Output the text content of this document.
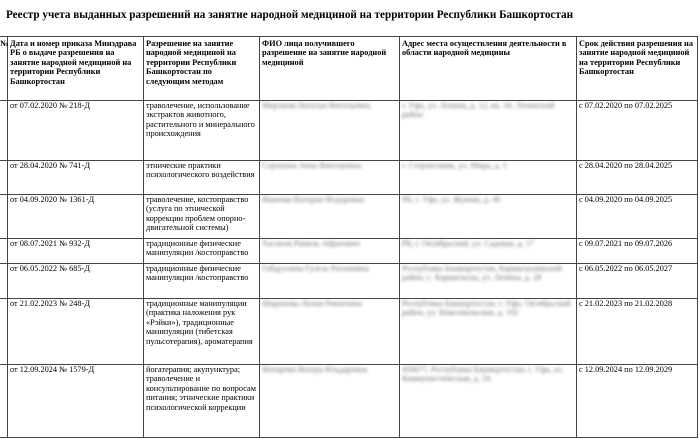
Реестр учета выданных разрешений на занятие народной медициной на территории Республики Башкортостан
№	Дата и номер приказа Минздрава РБ о выдаче разрешения на занятие народной медициной на территории Республики Башкортостан	Разрешение на занятие народной медициной на территории Республики Башкортостан по следующим методам	ФИО лица получившего разрешение на занятие народной медициной	Адрес места осуществления деятельности в области народной медицины	Срок действия разрешения на занятие народной медициной на территории Республики Башкортостан
	от 07.02.2020 № 218-Д	траволечение, использование экстрактов животного, растительного и минерального происхождения	Мирзаева Наталья Витальевна	г. Уфа, ул. Ленина, д. 12, кв. 34, Ленинский район	с 07.02.2020 по 07.02.2025
	от 28.04.2020 № 741-Д	этнические практики психологического воздействия	Сорокина Анна Викторовна	г. Стерлитамак, ул. Мира, д. 5	с 28.04.2020 по 28.04.2025
	от 04.09.2020 № 1361-Д	траволечение, костоправство (услуга по этнической коррекции проблем опорно-двигательной системы)	Иванова Валерия Федоровна	РБ, г. Уфа, ул. Жукова, д. 40	с 04.09.2020 по 04.09.2025
	от 08.07.2021 № 932-Д	традиционные физические манипуляции /костоправство	Хасанов Рамиль Айратович	РБ, г. Октябрьский, ул. Садовая, д. 17	с 09.07.2021 по 09.07.2026
	от 06.05.2022 № 685-Д	традиционные физические манипуляции /костоправство	Габдуллина Гузель Расимовна	Республика Башкортостан, Кармаскалинский район, с. Кармаскалы, ул. Ленина, д. 28	с 06.05.2022 по 06.05.2027
	от 21.02.2023 № 248-Д	традиционные манипуляции (практика наложения рук «Рэйки»), традиционные манипуляции (тибетская пульсотерапия), ароматерапия	Шарипова Лилия Ринатовна	Республика Башкортостан, г. Уфа, Октябрьский район, ул. Комсомольская, д. 102	с 21.02.2023 по 21.02.2028
	от 12.09.2024 № 1579-Д	йогатерапия; акупунктура; траволечение и консультирование по вопросам питания; этнические практики психологической коррекции	Яппарова Венера Ильдаровна	450077, Республика Башкортостан, г. Уфа, ул. Коммунистическая, д. 54	с 12.09.2024 по 12.09.2029
